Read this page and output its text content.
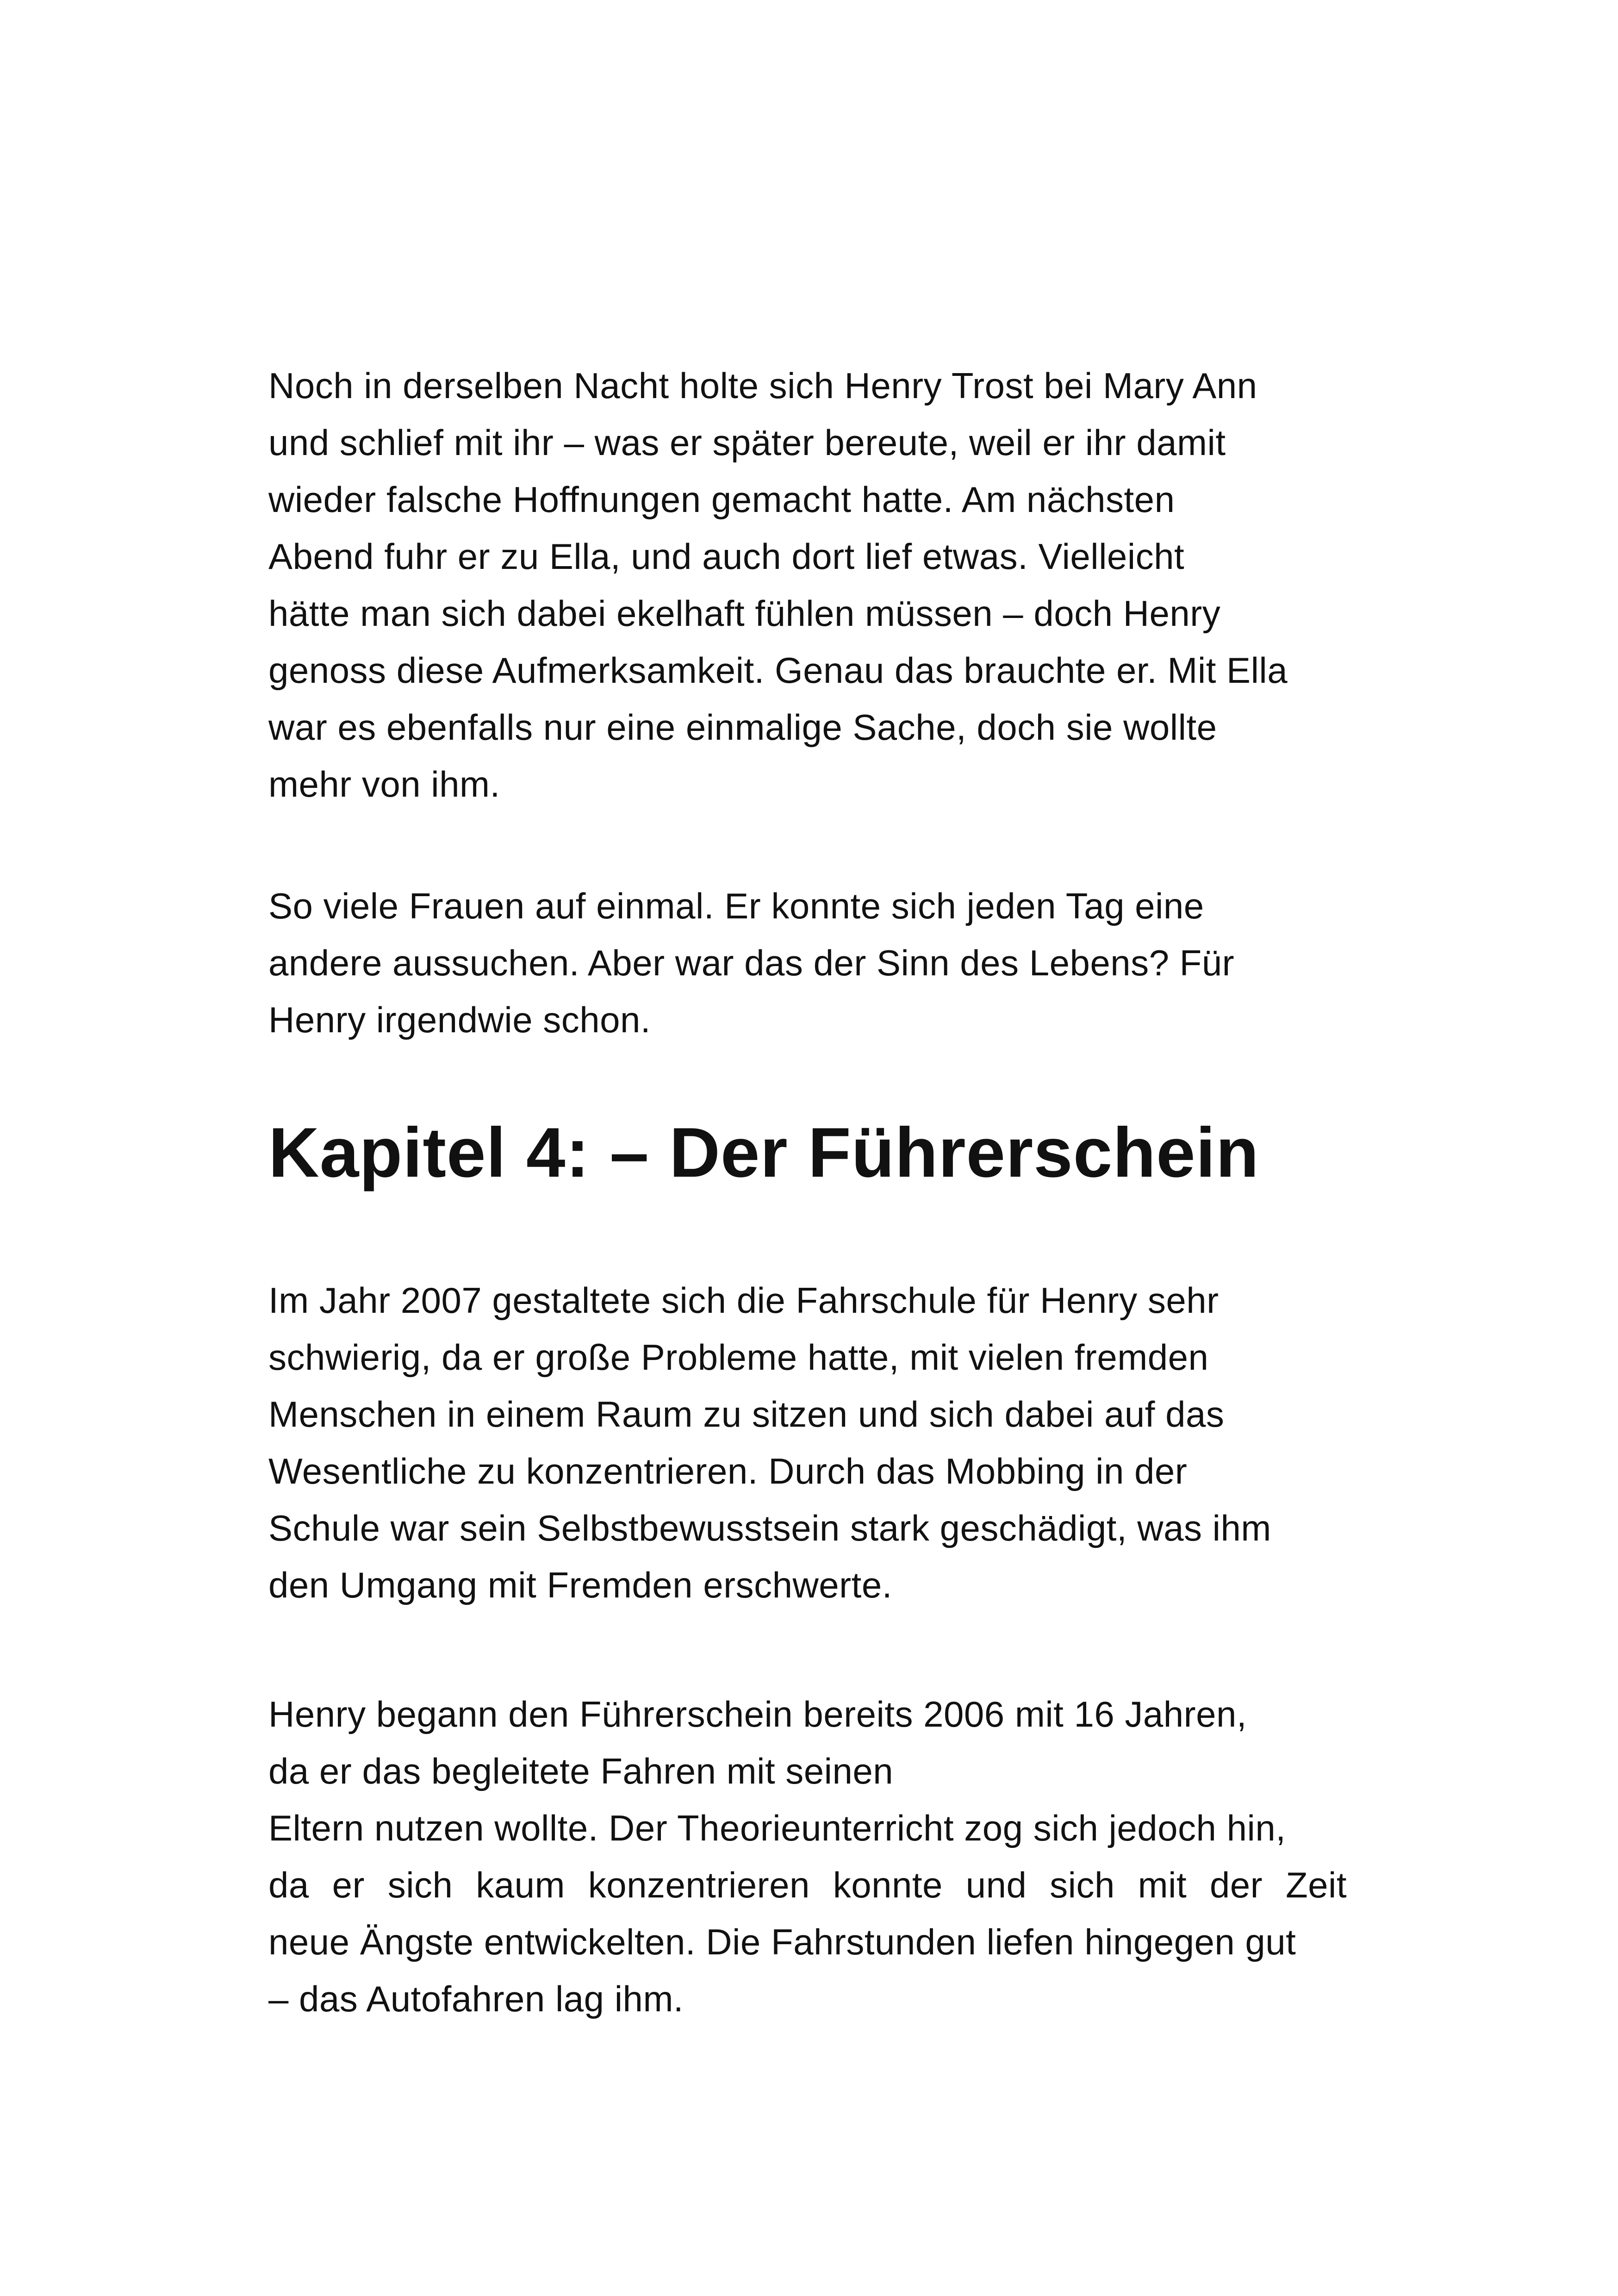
Noch in derselben Nacht holte sich Henry Trost bei Mary Ann
und schlief mit ihr – was er später bereute, weil er ihr damit
wieder falsche Hoffnungen gemacht hatte. Am nächsten
Abend fuhr er zu Ella, und auch dort lief etwas. Vielleicht
hätte man sich dabei ekelhaft fühlen müssen – doch Henry
genoss diese Aufmerksamkeit. Genau das brauchte er. Mit Ella
war es ebenfalls nur eine einmalige Sache, doch sie wollte
mehr von ihm.
So viele Frauen auf einmal. Er konnte sich jeden Tag eine
andere aussuchen. Aber war das der Sinn des Lebens? Für
Henry irgendwie schon.
Kapitel 4: – Der Führerschein
Im Jahr 2007 gestaltete sich die Fahrschule für Henry sehr
schwierig, da er große Probleme hatte, mit vielen fremden
Menschen in einem Raum zu sitzen und sich dabei auf das
Wesentliche zu konzentrieren. Durch das Mobbing in der
Schule war sein Selbstbewusstsein stark geschädigt, was ihm
den Umgang mit Fremden erschwerte.
Henry begann den Führerschein bereits 2006 mit 16 Jahren,
da er das begleitete Fahren mit seinen
Eltern nutzen wollte. Der Theorieunterricht zog sich jedoch hin,
da er sich kaum konzentrieren konnte und sich mit der Zeit
neue Ängste entwickelten. Die Fahrstunden liefen hingegen gut
– das Autofahren lag ihm.
